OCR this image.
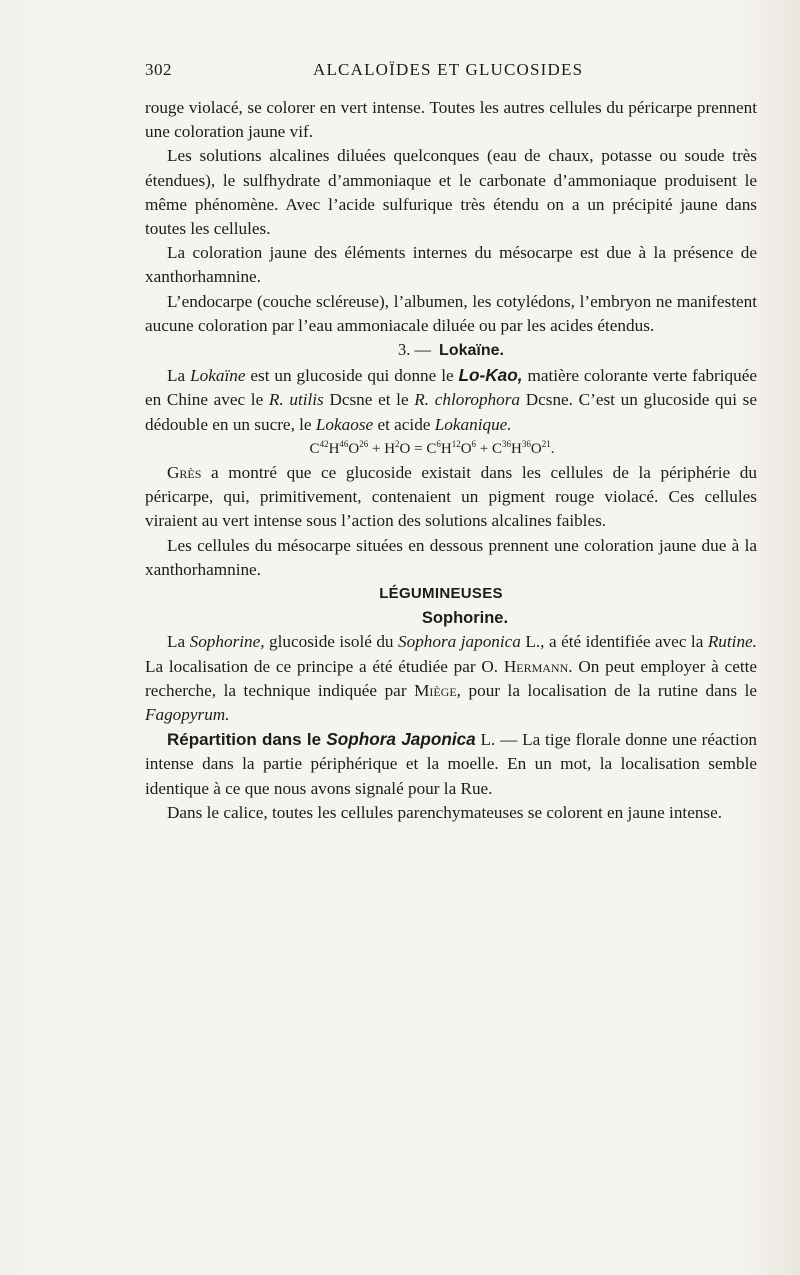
302	ALCALOÏDES ET GLUCOSIDES

rouge violacé, se colorer en vert intense. Toutes les autres cellules du péricarpe prennent une coloration jaune vif.

Les solutions alcalines diluées quelconques (eau de chaux, potasse ou soude très étendues), le sulfhydrate d’ammoniaque et le carbonate d’ammoniaque produisent le même phénomène. Avec l’acide sulfurique très étendu on a un précipité jaune dans toutes les cellules.

La coloration jaune des éléments internes du mésocarpe est due à la présence de xanthorhamnine.

L’endocarpe (couche scléreuse), l’albumen, les cotylédons, l’embryon ne manifestent aucune coloration par l’eau ammoniacale diluée ou par les acides étendus.

3. — Lokaïne.

La Lokaïne est un glucoside qui donne le Lo-Kao, matière colorante verte fabriquée en Chine avec le R. utilis Dcsne et le R. chlorophora Dcsne. C’est un glucoside qui se dédouble en un sucre, le Lokaose et acide Lokanique.

$C^{42}H^{46}O^{26} + H^2O = C^6H^{12}O^6 + C^{36}H^{36}O^{21}$.

Grès a montré que ce glucoside existait dans les cellules de la périphérie du péricarpe, qui, primitivement, contenaient un pigment rouge violacé. Ces cellules viraient au vert intense sous l’action des solutions alcalines faibles.

Les cellules du mésocarpe situées en dessous prennent une coloration jaune due à la xanthorhamnine.

LÉGUMINEUSES

Sophorine.

La Sophorine, glucoside isolé du Sophora japonica L., a été identifiée avec la Rutine. La localisation de ce principe a été étudiée par O. Hermann. On peut employer à cette recherche, la technique indiquée par Miège, pour la localisation de la rutine dans le Fagopyrum.

Répartition dans le Sophora Japonica L. — La tige florale donne une réaction intense dans la partie périphérique et la moelle. En un mot, la localisation semble identique à ce que nous avons signalé pour la Rue.

Dans le calice, toutes les cellules parenchymateuses se colorent en jaune intense.
